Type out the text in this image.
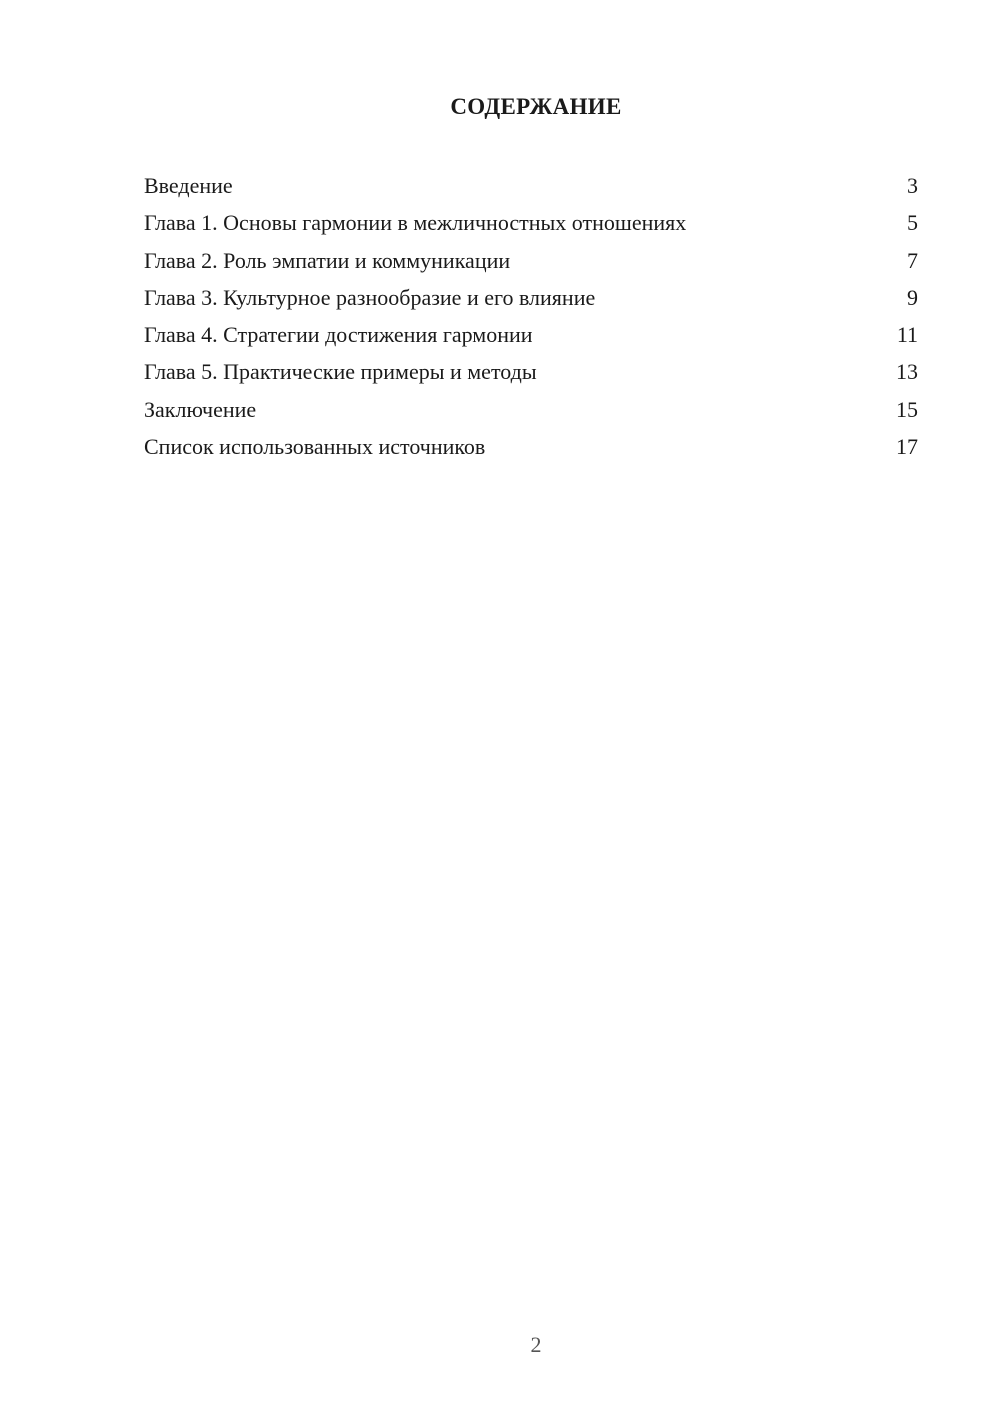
СОДЕРЖАНИЕ
Введение	3
Глава 1. Основы гармонии в межличностных отношениях	5
Глава 2. Роль эмпатии и коммуникации	7
Глава 3. Культурное разнообразие и его влияние	9
Глава 4. Стратегии достижения гармонии	11
Глава 5. Практические примеры и методы	13
Заключение	15
Список использованных источников	17
2
